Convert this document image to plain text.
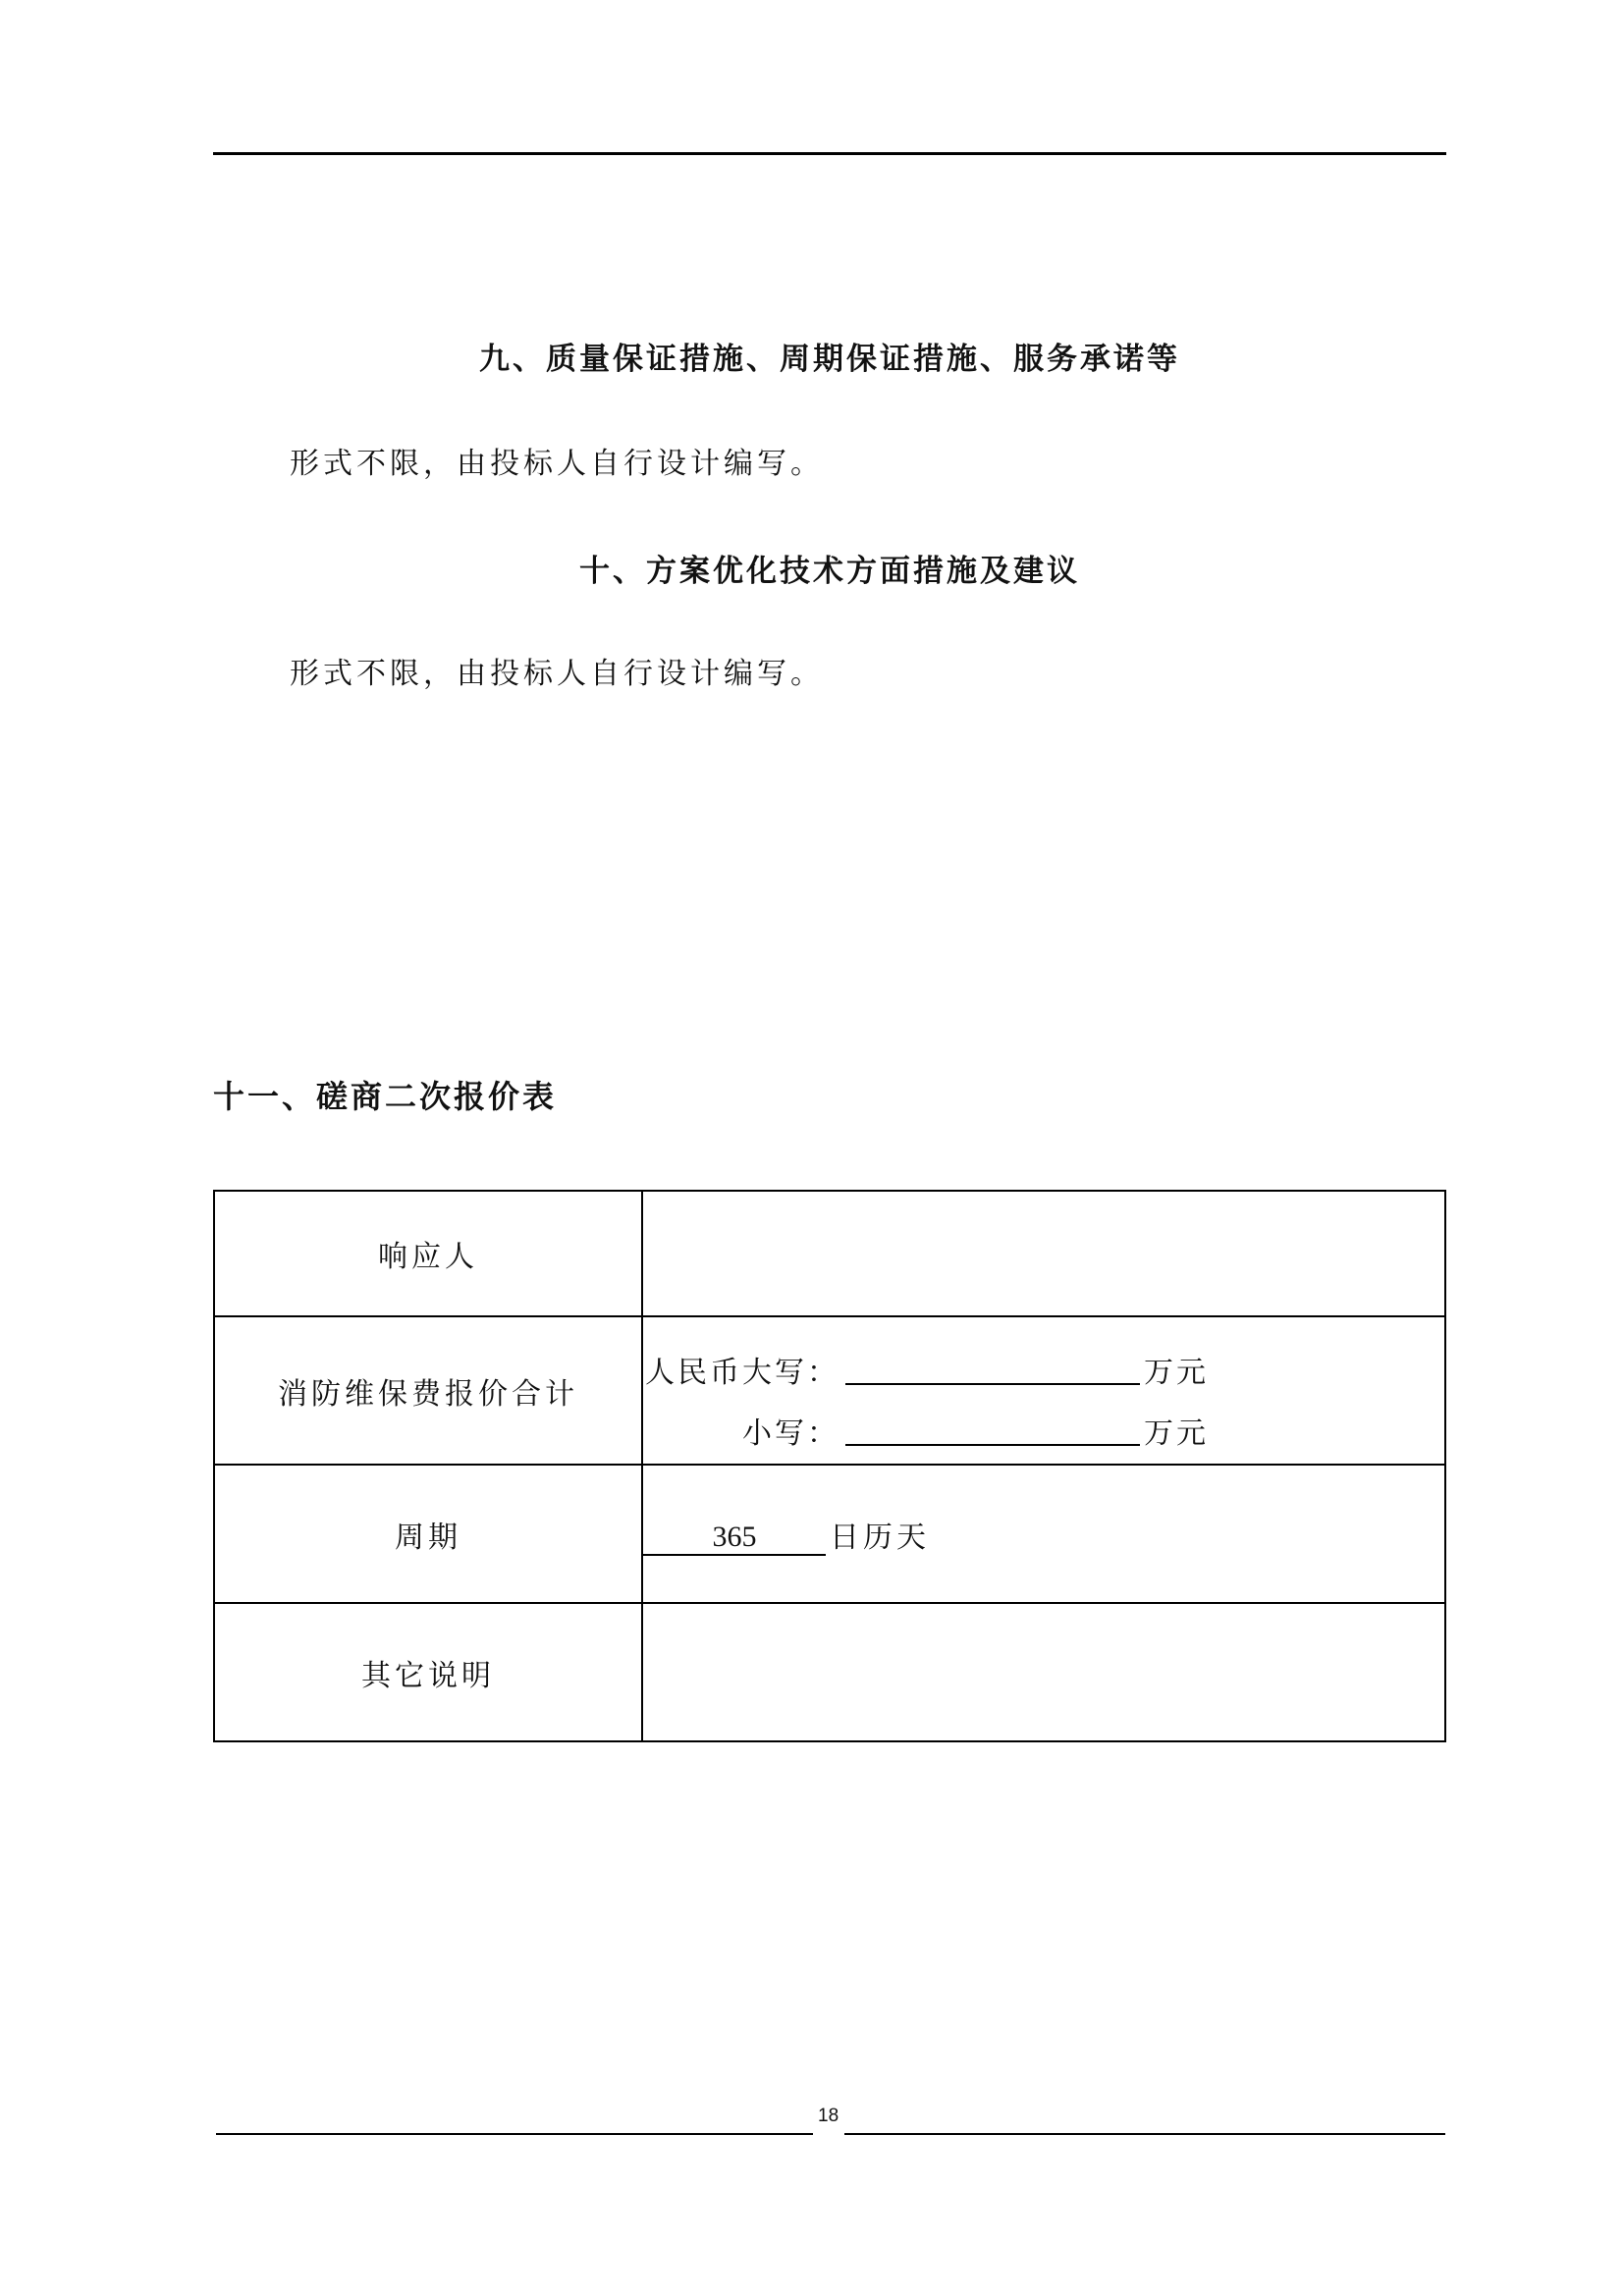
九、质量保证措施、周期保证措施、服务承诺等
形式不限，由投标人自行设计编写。
十、方案优化技术方面措施及建议
形式不限，由投标人自行设计编写。
十一、磋商二次报价表
响应人	
消防维保费报价合计	人民币大写： 万元
小写： 万元

周期	365 日历天

其它说明	
18
